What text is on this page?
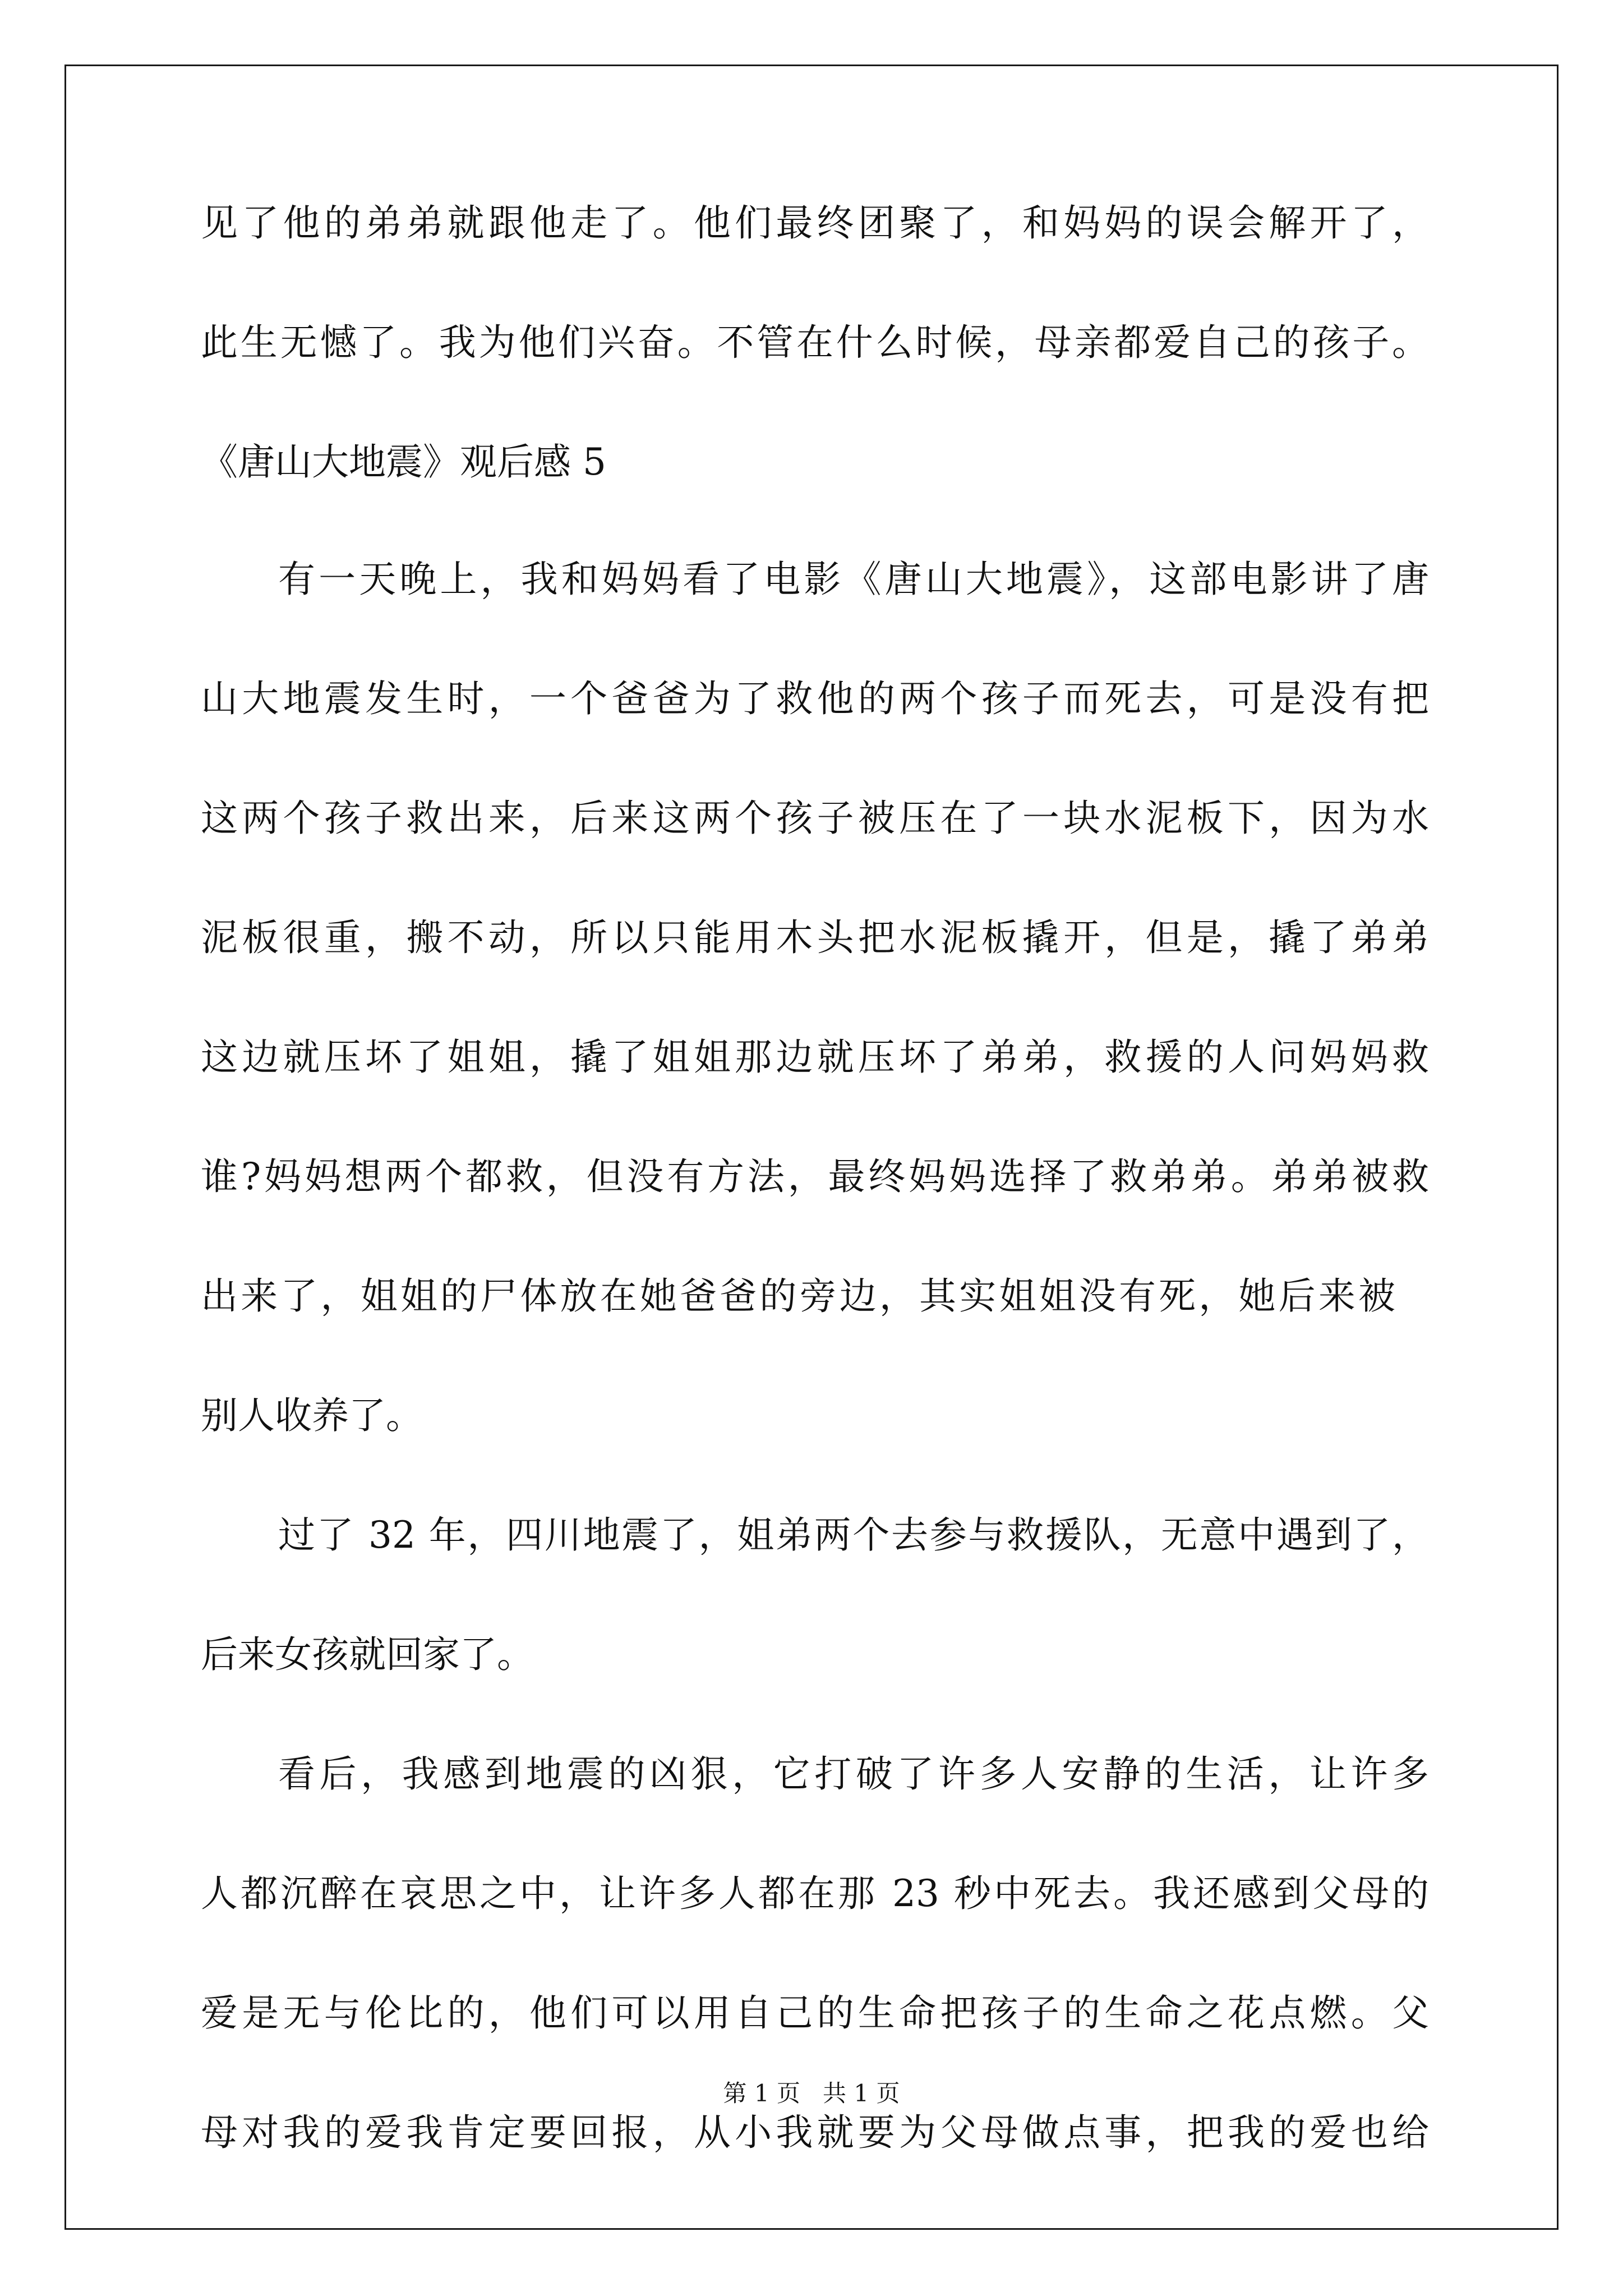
见了他的弟弟就跟他走了。他们最终团聚了，和妈妈的误会解开了，
此生无憾了。我为他们兴奋。不管在什么时候，母亲都爱自己的孩子。
《唐山大地震》观后感 5
有一天晚上，我和妈妈看了电影《唐山大地震》，这部电影讲了唐
山大地震发生时，一个爸爸为了救他的两个孩子而死去，可是没有把
这两个孩子救出来，后来这两个孩子被压在了一块水泥板下，因为水
泥板很重，搬不动，所以只能用木头把水泥板撬开，但是，撬了弟弟
这边就压坏了姐姐，撬了姐姐那边就压坏了弟弟，救援的人问妈妈救
谁?妈妈想两个都救，但没有方法，最终妈妈选择了救弟弟。弟弟被救
出来了，姐姐的尸体放在她爸爸的旁边，其实姐姐没有死，她后来被
别人收养了。
过了 32 年，四川地震了，姐弟两个去参与救援队，无意中遇到了，
后来女孩就回家了。
看后，我感到地震的凶狠，它打破了许多人安静的生活，让许多
人都沉醉在哀思之中，让许多人都在那 23 秒中死去。我还感到父母的
爱是无与伦比的，他们可以用自己的生命把孩子的生命之花点燃。父
母对我的爱我肯定要回报，从小我就要为父母做点事，把我的爱也给
第 1 页   共 1 页
